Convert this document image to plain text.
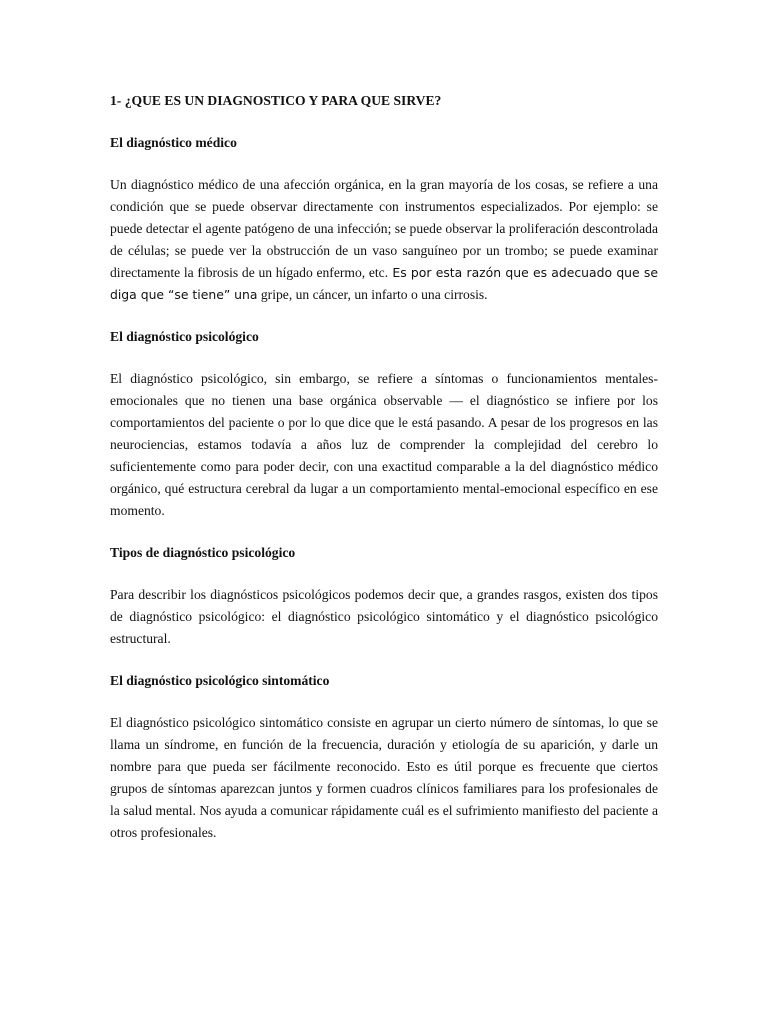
1- ¿QUE ES UN DIAGNOSTICO Y PARA QUE SIRVE?
El diagnóstico médico
Un diagnóstico médico de una afección orgánica, en la gran mayoría de los cosas, se refiere a una condición que se puede observar directamente con instrumentos especializados. Por ejemplo: se puede detectar el agente patógeno de una infección; se puede observar la proliferación descontrolada de células; se puede ver la obstrucción de un vaso sanguíneo por un trombo; se puede examinar directamente la fibrosis de un hígado enfermo, etc. Es por esta razón que es adecuado que se diga que “se tiene” una gripe, un cáncer, un infarto o una cirrosis.
El diagnóstico psicológico
El diagnóstico psicológico, sin embargo, se refiere a síntomas o funcionamientos mentales-emocionales que no tienen una base orgánica observable — el diagnóstico se infiere por los comportamientos del paciente o por lo que dice que le está pasando. A pesar de los progresos en las neurociencias, estamos todavía a años luz de comprender la complejidad del cerebro lo suficientemente como para poder decir, con una exactitud comparable a la del diagnóstico médico orgánico, qué estructura cerebral da lugar a un comportamiento mental-emocional específico en ese momento.
Tipos de diagnóstico psicológico
Para describir los diagnósticos psicológicos podemos decir que, a grandes rasgos, existen dos tipos de diagnóstico psicológico: el diagnóstico psicológico sintomático y el diagnóstico psicológico estructural.
El diagnóstico psicológico sintomático
El diagnóstico psicológico sintomático consiste en agrupar un cierto número de síntomas, lo que se llama un síndrome, en función de la frecuencia, duración y etiología de su aparición, y darle un nombre para que pueda ser fácilmente reconocido. Esto es útil porque es frecuente que ciertos grupos de síntomas aparezcan juntos y formen cuadros clínicos familiares para los profesionales de la salud mental. Nos ayuda a comunicar rápidamente cuál es el sufrimiento manifiesto del paciente a otros profesionales.
